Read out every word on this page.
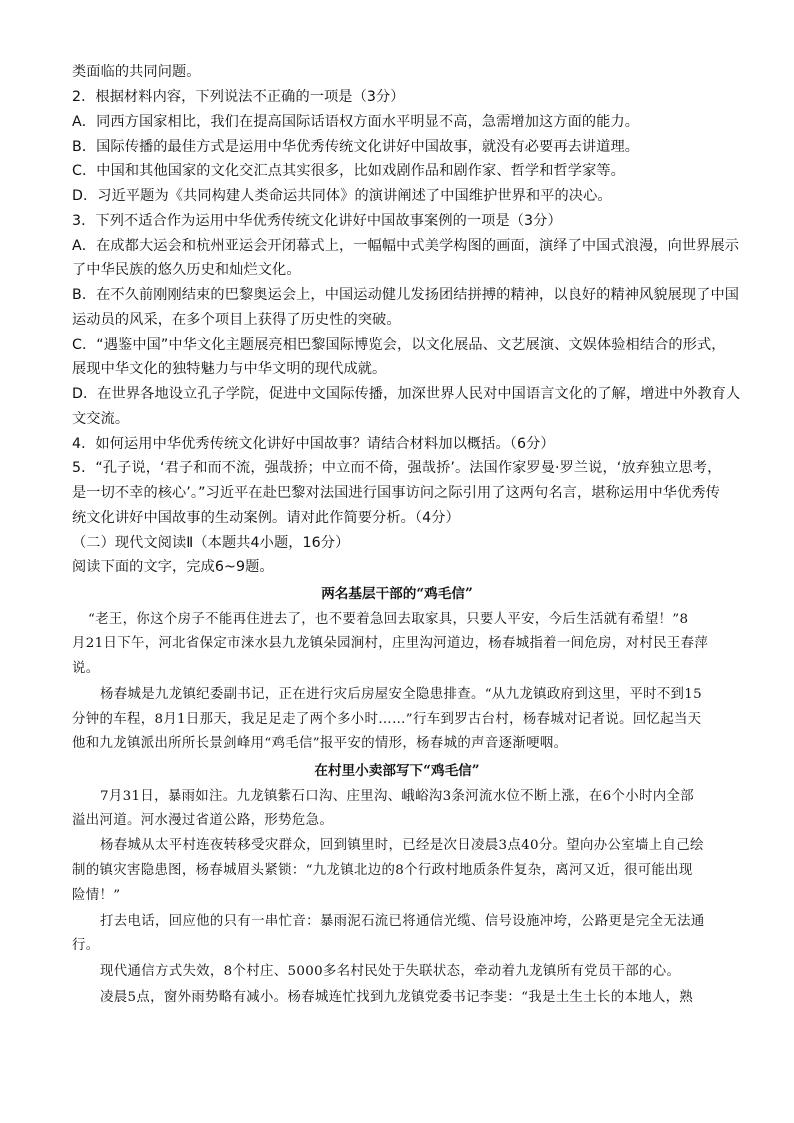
类面临的共同问题。
2．根据材料内容，下列说法不正确的一项是（3分）
A．同西方国家相比，我们在提高国际话语权方面水平明显不高，急需增加这方面的能力。
B．国际传播的最佳方式是运用中华优秀传统文化讲好中国故事，就没有必要再去讲道理。
C．中国和其他国家的文化交汇点其实很多，比如戏剧作品和剧作家、哲学和哲学家等。
D．习近平题为《共同构建人类命运共同体》的演讲阐述了中国维护世界和平的决心。
3．下列不适合作为运用中华优秀传统文化讲好中国故事案例的一项是（3分）
A．在成都大运会和杭州亚运会开闭幕式上，一幅幅中式美学构图的画面，演绎了中国式浪漫，向世界展示
了中华民族的悠久历史和灿烂文化。
B．在不久前刚刚结束的巴黎奥运会上，中国运动健儿发扬团结拼搏的精神，以良好的精神风貌展现了中国
运动员的风采，在多个项目上获得了历史性的突破。
C．“遇鉴中国”中华文化主题展亮相巴黎国际博览会，以文化展品、文艺展演、文娱体验相结合的形式，
展现中华文化的独特魅力与中华文明的现代成就。
D．在世界各地设立孔子学院，促进中文国际传播，加深世界人民对中国语言文化的了解，增进中外教育人
文交流。
4．如何运用中华优秀传统文化讲好中国故事？请结合材料加以概括。（6分）
5．“孔子说，‘君子和而不流，强哉挢；中立而不倚，强哉挢’。法国作家罗曼·罗兰说，‘放弃独立思考，
是一切不幸的核心’。”习近平在赴巴黎对法国进行国事访问之际引用了这两句名言，堪称运用中华优秀传
统文化讲好中国故事的生动案例。请对此作简要分析。（4分）
（二）现代文阅读Ⅱ（本题共4小题，16分）
阅读下面的文字，完成6~9题。
两名基层干部的“鸡毛信”
“老王，你这个房子不能再住进去了，也不要着急回去取家具，只要人平安，今后生活就有希望！”8
月21日下午，河北省保定市涞水县九龙镇朵园涧村，庄里沟河道边，杨春城指着一间危房，对村民王春萍
说。
杨春城是九龙镇纪委副书记，正在进行灾后房屋安全隐患排查。“从九龙镇政府到这里，平时不到15
分钟的车程，8月1日那天，我足足走了两个多小时……”行车到罗古台村，杨春城对记者说。回忆起当天
他和九龙镇派出所所长景剑峰用“鸡毛信”报平安的情形，杨春城的声音逐渐哽咽。
在村里小卖部写下“鸡毛信”
7月31日，暴雨如注。九龙镇紫石口沟、庄里沟、峨峪沟3条河流水位不断上涨，在6个小时内全部
溢出河道。河水漫过省道公路，形势危急。
杨春城从太平村连夜转移受灾群众，回到镇里时，已经是次日凌晨3点40分。望向办公室墙上自己绘
制的镇灾害隐患图，杨春城眉头紧锁：“九龙镇北边的8个行政村地质条件复杂，离河又近，很可能出现
险情！”
打去电话，回应他的只有一串忙音：暴雨泥石流已将通信光缆、信号设施冲垮，公路更是完全无法通
行。
现代通信方式失效，8个村庄、5000多名村民处于失联状态，牵动着九龙镇所有党员干部的心。
凌晨5点，窗外雨势略有减小。杨春城连忙找到九龙镇党委书记李斐：“我是土生土长的本地人，熟
